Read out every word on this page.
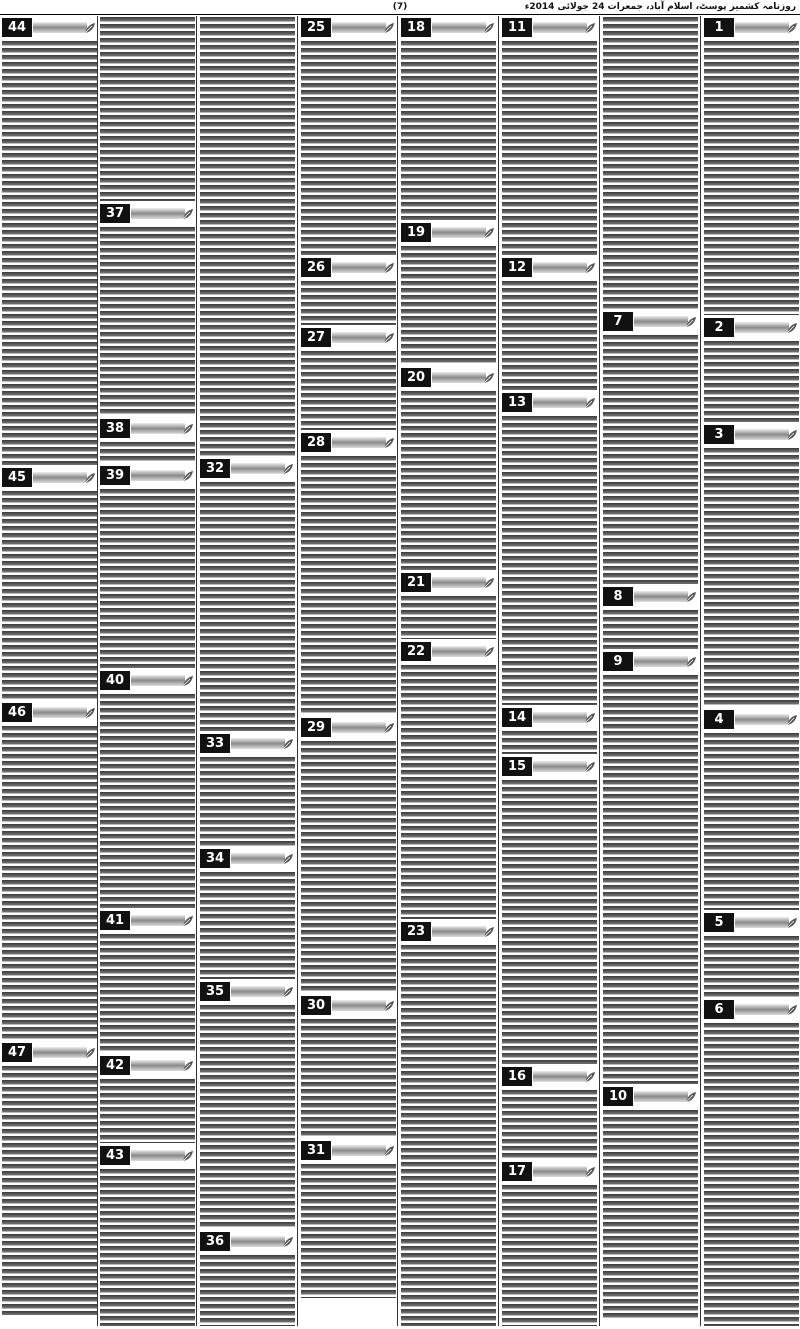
(7)	روزنامہ کشمیر پوسٹ، اسلام آباد، جمعرات 24 جولائی 2014ء
1
2
3
4
5
6
7
8
9
10
11
12
13
14
15
16
17
18
19
20
21
22
23
25
26
27
28
29
30
31
32
33
34
35
36
37
38
39
40
41
42
43
44
45
46
47
